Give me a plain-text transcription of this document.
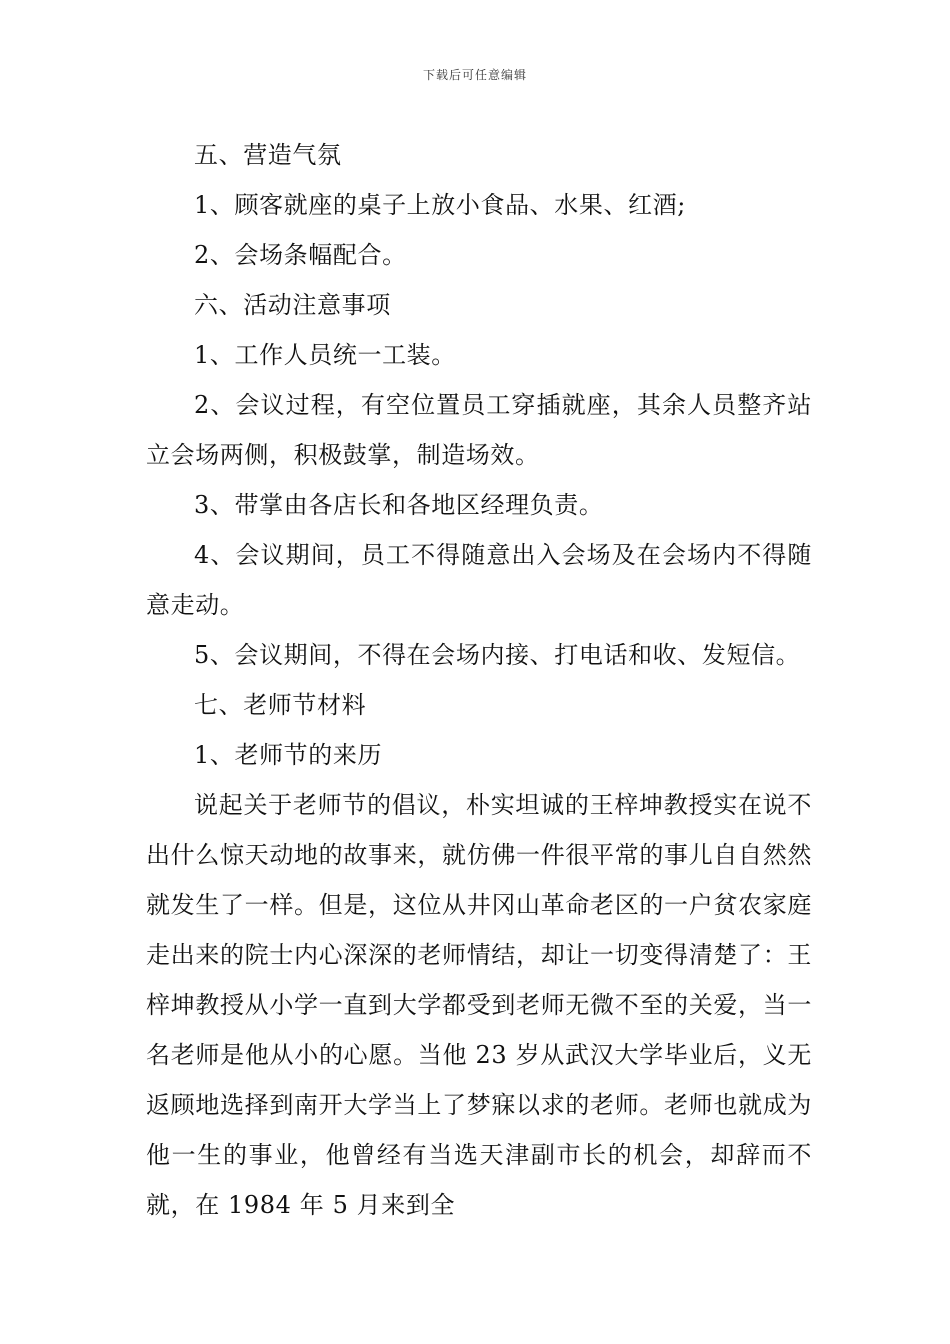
下载后可任意编辑

五、营造气氛

1、顾客就座的桌子上放小食品、水果、红酒;

2、会场条幅配合。

六、活动注意事项

1、工作人员统一工装。

2、会议过程，有空位置员工穿插就座，其余人员整齐站立会场两侧，积极鼓掌，制造场效。

3、带掌由各店长和各地区经理负责。

4、会议期间，员工不得随意出入会场及在会场内不得随意走动。

5、会议期间，不得在会场内接、打电话和收、发短信。

七、老师节材料

1、老师节的来历

说起关于老师节的倡议，朴实坦诚的王梓坤教授实在说不出什么惊天动地的故事来，就仿佛一件很平常的事儿自自然然就发生了一样。但是，这位从井冈山革命老区的一户贫农家庭走出来的院士内心深深的老师情结，却让一切变得清楚了：王梓坤教授从小学一直到大学都受到老师无微不至的关爱，当一名老师是他从小的心愿。当他 23 岁从武汉大学毕业后，义无返顾地选择到南开大学当上了梦寐以求的老师。老师也就成为他一生的事业，他曾经有当选天津副市长的机会，却辞而不就，在 1984 年 5 月来到全
